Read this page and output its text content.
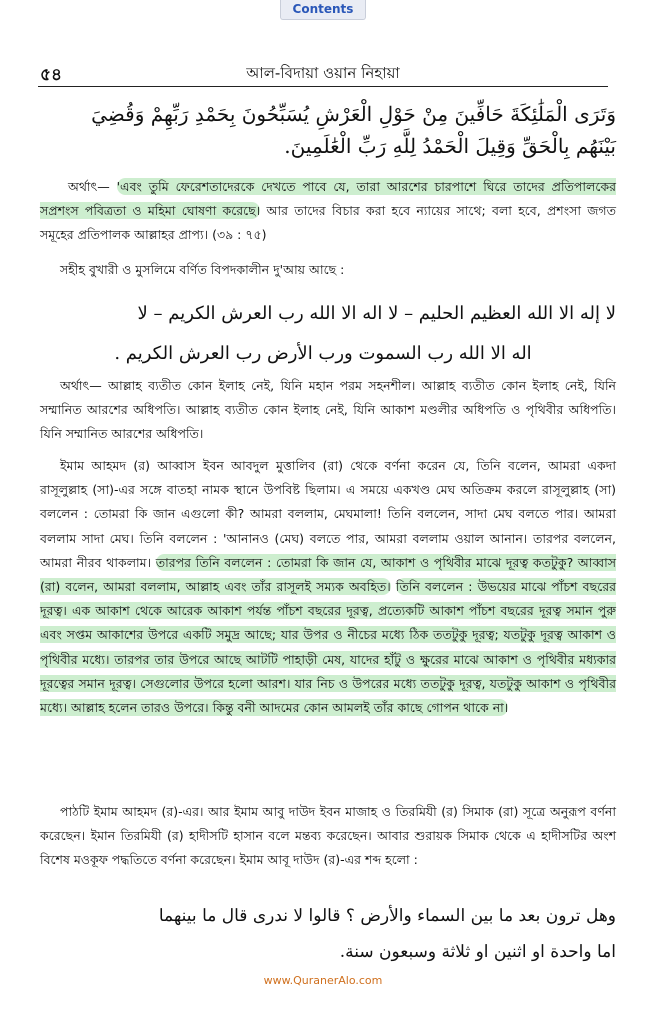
Contents
৫৪	আল-বিদায়া ওয়ান নিহায়া
وَتَرَى الْمَلَٰئِكَةَ حَافِّينَ مِنْ حَوْلِ الْعَرْشِ يُسَبِّحُونَ بِحَمْدِ رَبِّهِمْ وَقُضِيَ
بَيْنَهُم بِالْحَقِّ وَقِيلَ الْحَمْدُ لِلَّهِ رَبِّ الْعَٰلَمِينَ.
অর্থাৎ— 'এবং তুমি ফেরেশতাদেরকে দেখতে পাবে যে, তারা আরশের চারপাশে ঘিরে তাদের প্রতিপালকের সপ্রশংস পবিত্রতা ও মহিমা ঘোষণা করেছে। আর তাদের বিচার করা হবে ন্যায়ের সাথে; বলা হবে, প্রশংসা জগত সমূহের প্রতিপালক আল্লাহর প্রাপ্য। (৩৯ : ৭৫)
সহীহ বুখারী ও মুসলিমে বর্ণিত বিপদকালীন দু'আয় আছে :
لا إله الا الله العظيم الحليم – لا اله الا الله رب العرش الكريم – لا
اله الا الله رب السموت ورب الأرض رب العرش الكريم .
অর্থাৎ— আল্লাহ ব্যতীত কোন ইলাহ নেই, যিনি মহান পরম সহনশীল। আল্লাহ ব্যতীত কোন ইলাহ নেই, যিনি সম্মানিত আরশের অধিপতি। আল্লাহ ব্যতীত কোন ইলাহ নেই, যিনি আকাশ মণ্ডলীর অধিপতি ও পৃথিবীর অধিপতি। যিনি সম্মানিত আরশের অধিপতি।
ইমাম আহমদ (র) আব্বাস ইবন আবদুল মুত্তালিব (রা) থেকে বর্ণনা করেন যে, তিনি বলেন, আমরা একদা রাসূলুল্লাহ (সা)-এর সঙ্গে বাতহা নামক স্থানে উপবিষ্ট ছিলাম। এ সময়ে একখণ্ড মেঘ অতিক্রম করলে রাসূলুল্লাহ (সা) বললেন : তোমরা কি জান এগুলো কী? আমরা বললাম, মেঘমালা! তিনি বললেন, সাদা মেঘ বলতে পার। আমরা বললাম সাদা মেঘ। তিনি বললেন : 'আনানও (মেঘ) বলতে পার, আমরা বললাম ওয়াল আনান। তারপর বললেন, আমরা নীরব থাকলাম। তারপর তিনি বললেন : তোমরা কি জান যে, আকাশ ও পৃথিবীর মাঝে দূরত্ব কতটুকু? আব্বাস (রা) বলেন, আমরা বললাম, আল্লাহ এবং তাঁর রাসূলই সম্যক অবহিত। তিনি বললেন : উভয়ের মাঝে পাঁচশ বছরের দূরত্ব। এক আকাশ থেকে আরেক আকাশ পর্যন্ত পাঁচশ বছরের দূরত্ব, প্রত্যেকটি আকাশ পাঁচশ বছরের দূরত্ব সমান পুরু এবং সপ্তম আকাশের উপরে একটি সমুদ্র আছে; যার উপর ও নীচের মধ্যে ঠিক ততটুকু দূরত্ব; যতটুকু দূরত্ব আকাশ ও পৃথিবীর মধ্যে। তারপর তার উপরে আছে আটটি পাহাড়ী মেষ, যাদের হাঁটু ও ক্ষুরের মাঝে আকাশ ও পৃথিবীর মধ্যকার দূরত্বের সমান দূরত্ব। সেগুলোর উপরে হলো আরশ। যার নিচ ও উপরের মধ্যে ততটুকু দূরত্ব, যতটুকু আকাশ ও পৃথিবীর মধ্যে। আল্লাহ হলেন তারও উপরে। কিন্তু বনী আদমের কোন আমলই তাঁর কাছে গোপন থাকে না।
পাঠটি ইমাম আহমদ (র)-এর। আর ইমাম আবু দাউদ ইবন মাজাহ ও তিরমিযী (র) সিমাক (রা) সূত্রে অনুরূপ বর্ণনা করেছেন। ইমান তিরমিযী (র) হাদীসটি হাসান বলে মন্তব্য করেছেন। আবার শুরায়ক সিমাক থেকে এ হাদীসটির অংশ বিশেষ মওকূফ পদ্ধতিতে বর্ণনা করেছেন। ইমাম আবূ দাউদ (র)-এর শব্দ হলো :
وهل ترون بعد ما بين السماء والأرض ؟ قالوا لا ندرى قال ما بينهما
اما واحدة او اثنين او ثلاثة وسبعون سنة.
www.QuranerAlo.com
